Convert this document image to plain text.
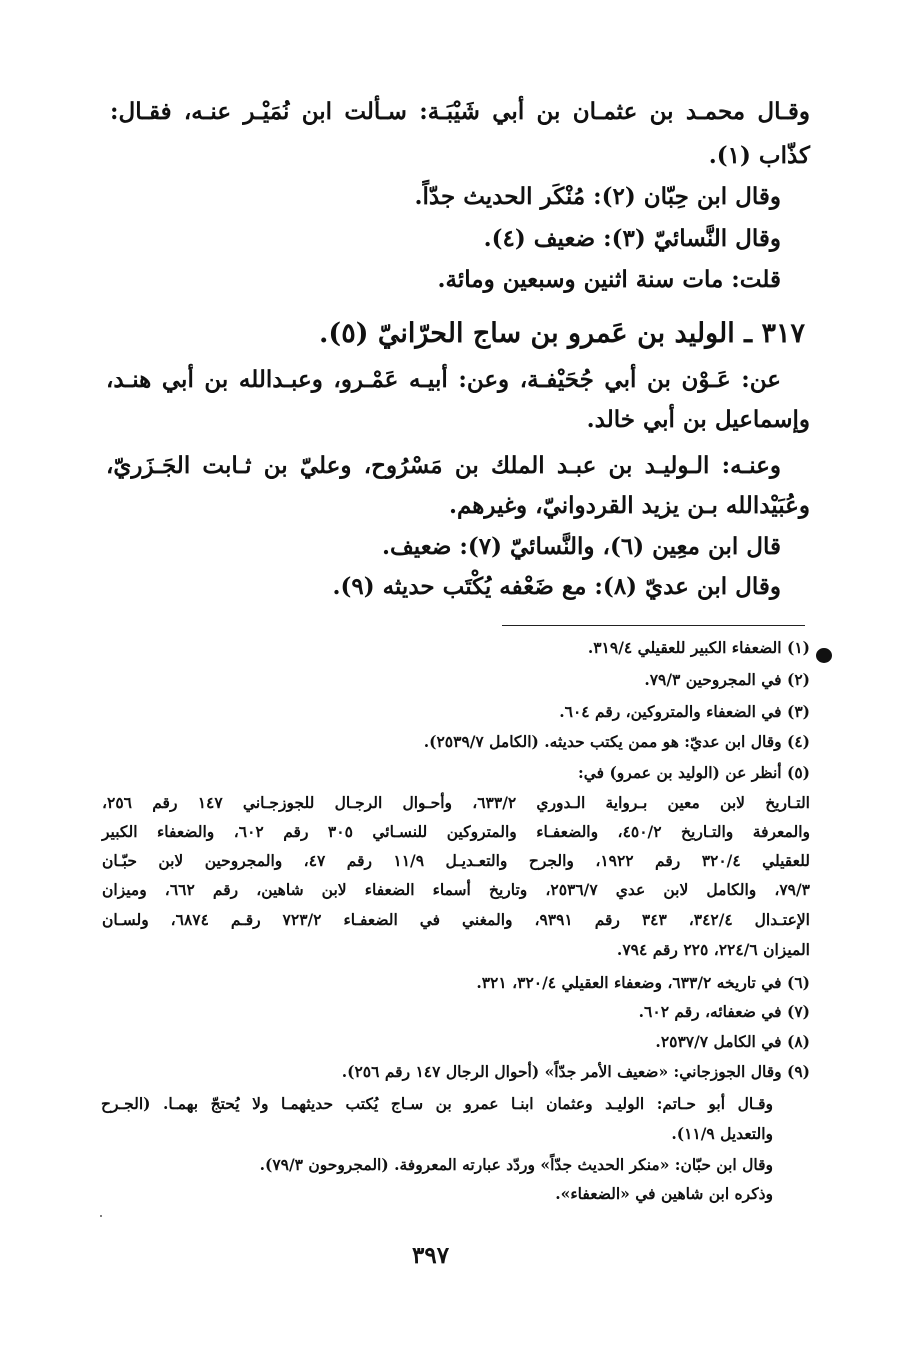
وقـال محمـد بن عثمـان بن أبي شَيْبَـة: سـألت ابن نُمَيْـر عنـه، فقـال:
كذّاب (١).
وقال ابن حِبّان (٢): مُنْكَر الحديث جدّاً.
وقال النَّسائيّ (٣): ضعيف (٤).
قلت: مات سنة اثنين وسبعين ومائة.
٣١٧ ـ الوليد بن عَمرو بن ساج الحرّانيّ (٥).
عن: عَـوْن بن أبي جُحَيْفـة، وعن: أبيـه عَمْـرو، وعبـدالله بن أبي هنـد،
وإسماعيل بن أبي خالد.
وعنـه: الـوليـد بن عبـد الملك بن مَسْرُوح، وعليّ بن ثـابت الجَـزَريّ،
وعُبَيْدالله بـن يزيد القردوانيّ، وغيرهم.
قال ابن معِين (٦)، والنَّسائيّ (٧): ضعيف.
وقال ابن عديّ (٨): مع ضَعْفه يُكْتَب حديثه (٩).
(١) الضعفاء الكبير للعقيلي ٣١٩/٤.
(٢) في المجروحين ٧٩/٣.
(٣) في الضعفاء والمتروكين، رقم ٦٠٤.
(٤) وقال ابن عديّ: هو ممن يكتب حديثه. (الكامل ٢٥٣٩/٧).
(٥) أنظر عن (الوليد بن عمرو) في:
التـاريخ لابن معين بـرواية الـدوري ٦٣٣/٢، وأحـوال الرجـال للجوزجـاني ١٤٧ رقم ٢٥٦،
والمعرفة والتـاريخ ٤٥٠/٢، والضعفـاء والمتروكين للنسـائي ٣٠٥ رقم ٦٠٢، والضعفاء الكبير
للعقيلي ٣٢٠/٤ رقم ١٩٢٢، والجرح والتعـديـل ١١/٩ رقم ٤٧، والمجروحين لابن حبّـان
٧٩/٣، والكامل لابن عدي ٢٥٣٦/٧، وتاريخ أسماء الضعفاء لابن شاهين، رقم ٦٦٢، وميزان
الإعتـدال ٣٤٢/٤، ٣٤٣ رقم ٩٣٩١، والمغني في الضعفـاء ٧٢٣/٢ رقـم ٦٨٧٤، ولسـان
الميزان ٢٢٤/٦، ٢٢٥ رقم ٧٩٤.
(٦) في تاريخه ٦٣٣/٢، وضعفاء العقيلي ٣٢٠/٤، ٣٢١.
(٧) في ضعفائه، رقم ٦٠٢.
(٨) في الكامل ٢٥٣٧/٧.
(٩) وقال الجوزجاني: «ضعيف الأمر جدّاً» (أحوال الرجال ١٤٧ رقم ٢٥٦).
وقـال أبو حـاتم: الوليـد وعثمان ابنـا عمرو بن سـاج يُكتب حديثهمـا ولا يُحتجّ بهمـا. (الجـرح
والتعديل ١١/٩).
وقال ابن حبّان: «منكر الحديث جدّاً» وردّد عبارته المعروفة. (المجروحون ٧٩/٣).
وذكره ابن شاهين في «الضعفاء».
٣٩٧
